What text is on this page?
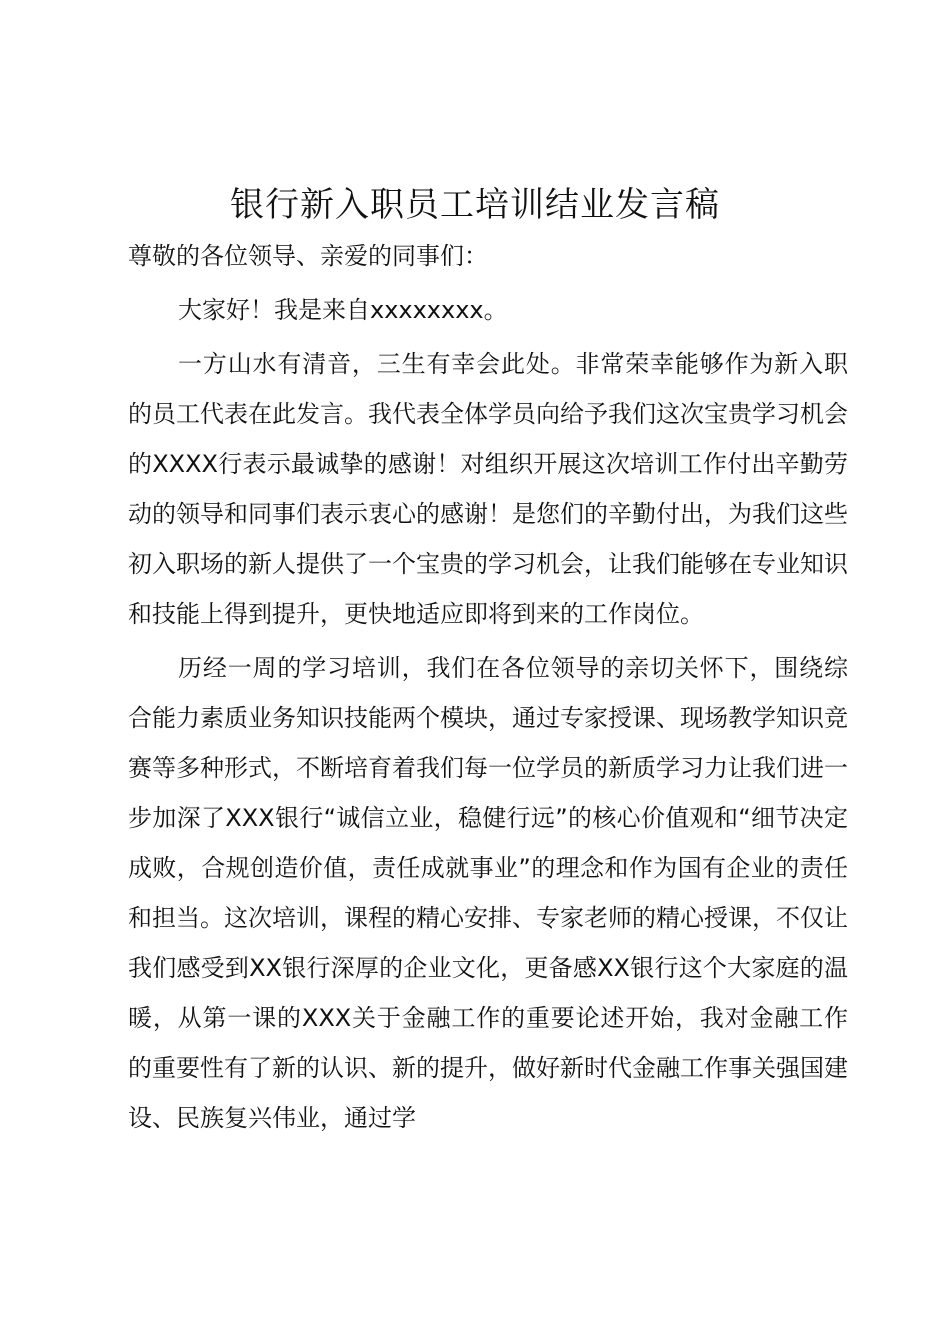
银行新入职员工培训结业发言稿

尊敬的各位领导、亲爱的同事们：

大家好！我是来自xxxxxxxx。

一方山水有清音，三生有幸会此处。非常荣幸能够作为新入职的员工代表在此发言。我代表全体学员向给予我们这次宝贵学习机会的XXXX行表示最诚挚的感谢！对组织开展这次培训工作付出辛勤劳动的领导和同事们表示衷心的感谢！是您们的辛勤付出，为我们这些初入职场的新人提供了一个宝贵的学习机会，让我们能够在专业知识和技能上得到提升，更快地适应即将到来的工作岗位。

历经一周的学习培训，我们在各位领导的亲切关怀下，围绕综合能力素质业务知识技能两个模块，通过专家授课、现场教学知识竞赛等多种形式，不断培育着我们每一位学员的新质学习力让我们进一步加深了XXX银行“诚信立业，稳健行远”的核心价值观和“细节决定成败，合规创造价值，责任成就事业”的理念和作为国有企业的责任和担当。这次培训，课程的精心安排、专家老师的精心授课，不仅让我们感受到XX银行深厚的企业文化，更备感XX银行这个大家庭的温暖，从第一课的XXX关于金融工作的重要论述开始，我对金融工作的重要性有了新的认识、新的提升，做好新时代金融工作事关强国建设、民族复兴伟业，通过学
